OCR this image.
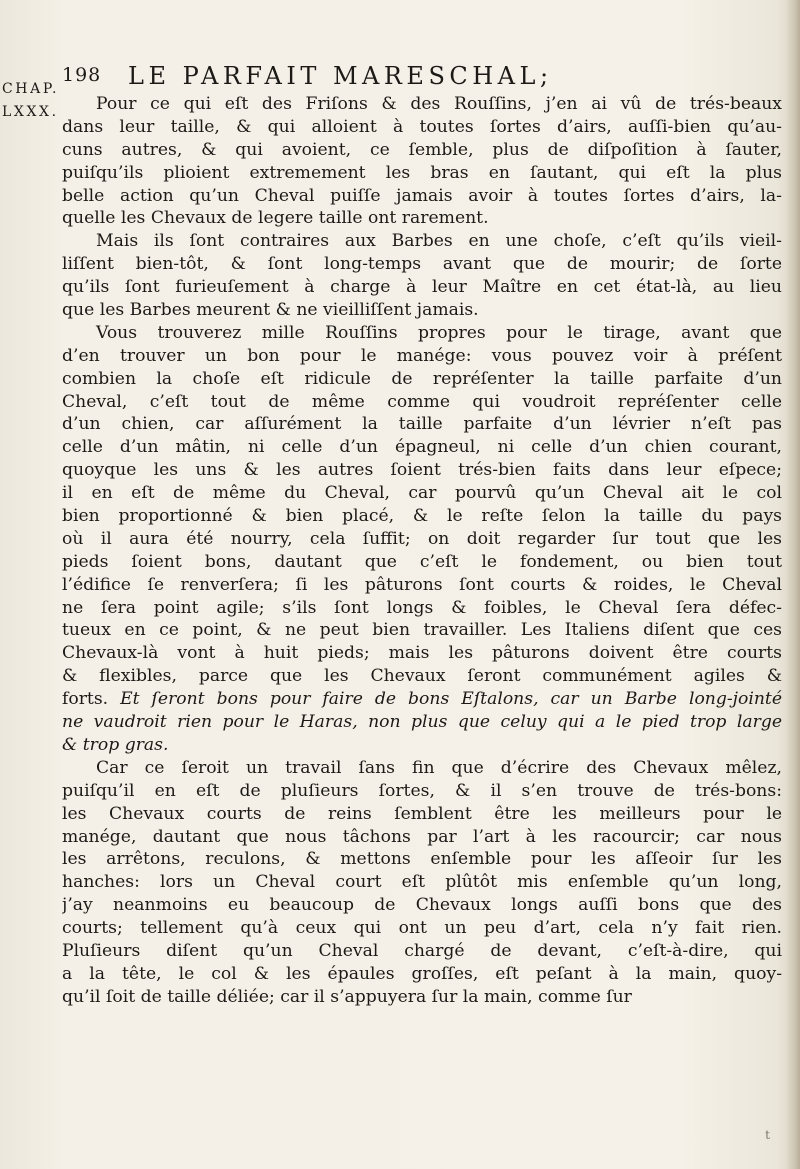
198 LE PARFAIT MARESCHAL;
CHAP.
LXXX.	Pour ce qui eſt des Friſons & des Rouſſins, j’en ai vû de trés-beaux
dans leur taille, & qui alloient à toutes ſortes d’airs, auſſi-bien qu’au-
cuns autres, & qui avoient, ce ſemble, plus de diſpoſition à ſauter,
puiſqu’ils plioient extremement les bras en ſautant, qui eſt la plus
belle action qu’un Cheval puiſſe jamais avoir à toutes ſortes d’airs, la-
quelle les Chevaux de legere taille ont rarement.

Mais ils ſont contraires aux Barbes en une choſe, c’eſt qu’ils vieil-
liſſent bien-tôt, & ſont long-temps avant que de mourir; de ſorte
qu’ils ſont furieuſement à charge à leur Maître en cet état-là, au lieu
que les Barbes meurent & ne vieilliſſent jamais.

Vous trouverez mille Rouſſins propres pour le tirage, avant que
d’en trouver un bon pour le manége: vous pouvez voir à préſent
combien la choſe eſt ridicule de repréſenter la taille parfaite d’un
Cheval, c’eſt tout de même comme qui voudroit repréſenter celle
d’un chien, car aſſurément la taille parfaite d’un lévrier n’eſt pas
celle d’un mâtin, ni celle d’un épagneul, ni celle d’un chien courant,
quoyque les uns & les autres ſoient trés-bien faits dans leur eſpece;
il en eſt de même du Cheval, car pourvû qu’un Cheval ait le col
bien proportionné & bien placé, & le reſte ſelon la taille du pays
où il aura été nourry, cela ſuffit; on doit regarder ſur tout que les
pieds ſoient bons, dautant que c’eſt le fondement, ou bien tout
l’édifice ſe renverſera; ſi les pâturons ſont courts & roides, le Cheval
ne ſera point agile; s’ils ſont longs & foibles, le Cheval ſera défec-
tueux en ce point, & ne peut bien travailler. Les Italiens diſent que ces
Chevaux-là vont à huit pieds; mais les pâturons doivent être courts
& flexibles, parce que les Chevaux ſeront communément agiles &
forts. Et ſeront bons pour faire de bons Eſtalons, car un Barbe long-jointé
ne vaudroit rien pour le Haras, non plus que celuy qui a le pied trop large
& trop gras.

Car ce ſeroit un travail ſans fin que d’écrire des Chevaux mêlez,
puiſqu’il en eſt de pluſieurs ſortes, & il s’en trouve de trés-bons:
les Chevaux courts de reins ſemblent être les meilleurs pour le
manége, dautant que nous tâchons par l’art à les racourcir; car nous
les arrêtons, reculons, & mettons enſemble pour les aſſeoir ſur les
hanches: lors un Cheval court eſt plûtôt mis enſemble qu’un long,
j’ay neanmoins eu beaucoup de Chevaux longs auſſi bons que des
courts; tellement qu’à ceux qui ont un peu d’art, cela n’y fait rien.
Pluſieurs diſent qu’un Cheval chargé de devant, c’eſt-à-dire, qui
a la tête, le col & les épaules groſſes, eſt peſant à la main, quoy-
qu’il ſoit de taille déliée; car il s’appuyera ſur la main, comme ſur

t
